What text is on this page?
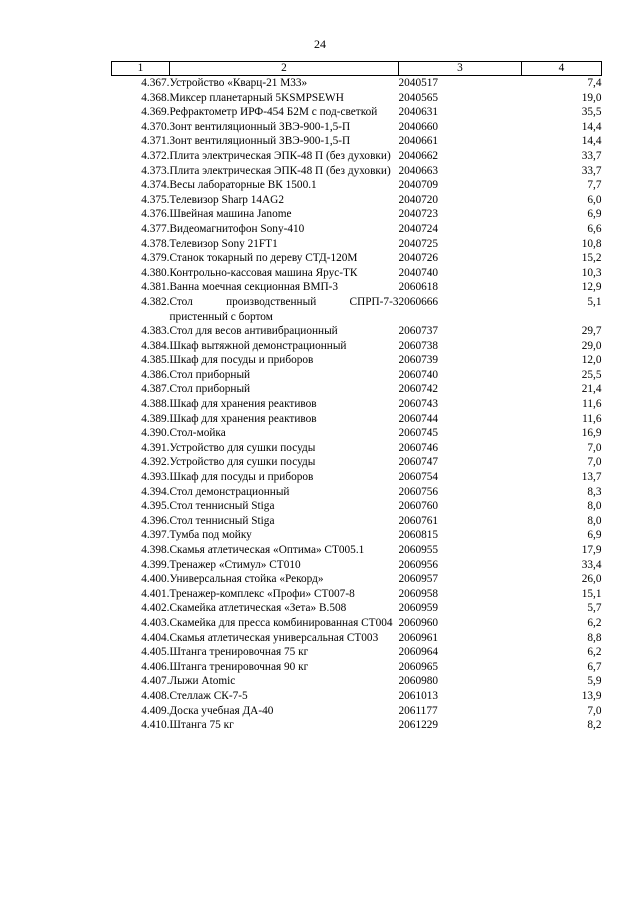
24
1	2	3	4
4.367.	Устройство «Кварц-21 М33»	2040517	7,4
4.368.	Миксер планетарный 5KSMPSEWH	2040565	19,0
4.369.	Рефрактометр ИРФ-454 Б2М с под-светкой	2040631	35,5
4.370.	Зонт вентиляционный ЗВЭ-900-1,5-П	2040660	14,4
4.371.	Зонт вентиляционный ЗВЭ-900-1,5-П	2040661	14,4
4.372.	Плита электрическая ЭПК-48 П (без духовки)	2040662	33,7
4.373.	Плита электрическая ЭПК-48 П (без духовки)	2040663	33,7
4.374.	Весы лабораторные ВК 1500.1	2040709	7,7
4.375.	Телевизор Sharp 14AG2	2040720	6,0
4.376.	Швейная машина Janome	2040723	6,9
4.377.	Видеомагнитофон Sony-410	2040724	6,6
4.378.	Телевизор Sony 21FT1	2040725	10,8
4.379.	Станок токарный по дереву СТД-120М	2040726	15,2
4.380.	Контрольно-кассовая машина Ярус-ТК	2040740	10,3
4.381.	Ванна моечная секционная ВМП-3	2060618	12,9
4.382.	Стол производственный СПРП-7-3 пристенный с бортом	2060666	5,1
4.383.	Стол для весов антивибрационный	2060737	29,7
4.384.	Шкаф вытяжной демонстрационный	2060738	29,0
4.385.	Шкаф для посуды и приборов	2060739	12,0
4.386.	Стол приборный	2060740	25,5
4.387.	Стол приборный	2060742	21,4
4.388.	Шкаф для хранения реактивов	2060743	11,6
4.389.	Шкаф для хранения реактивов	2060744	11,6
4.390.	Стол-мойка	2060745	16,9
4.391.	Устройство для сушки посуды	2060746	7,0
4.392.	Устройство для сушки посуды	2060747	7,0
4.393.	Шкаф для посуды и приборов	2060754	13,7
4.394.	Стол демонстрационный	2060756	8,3
4.395.	Стол теннисный Stiga	2060760	8,0
4.396.	Стол теннисный Stiga	2060761	8,0
4.397.	Тумба под мойку	2060815	6,9
4.398.	Скамья атлетическая «Оптима» СТ005.1	2060955	17,9
4.399.	Тренажер «Стимул» СТ010	2060956	33,4
4.400.	Универсальная стойка «Рекорд»	2060957	26,0
4.401.	Тренажер-комплекс «Профи» СТ007-8	2060958	15,1
4.402.	Скамейка атлетическая «Зета» В.508	2060959	5,7
4.403.	Скамейка для пресса комбинированная СТ004	2060960	6,2
4.404.	Скамья атлетическая универсальная СТ003	2060961	8,8
4.405.	Штанга тренировочная 75 кг	2060964	6,2
4.406.	Штанга тренировочная 90 кг	2060965	6,7
4.407.	Лыжи Atomic	2060980	5,9
4.408.	Стеллаж СК-7-5	2061013	13,9
4.409.	Доска учебная ДА-40	2061177	7,0
4.410.	Штанга 75 кг	2061229	8,2
